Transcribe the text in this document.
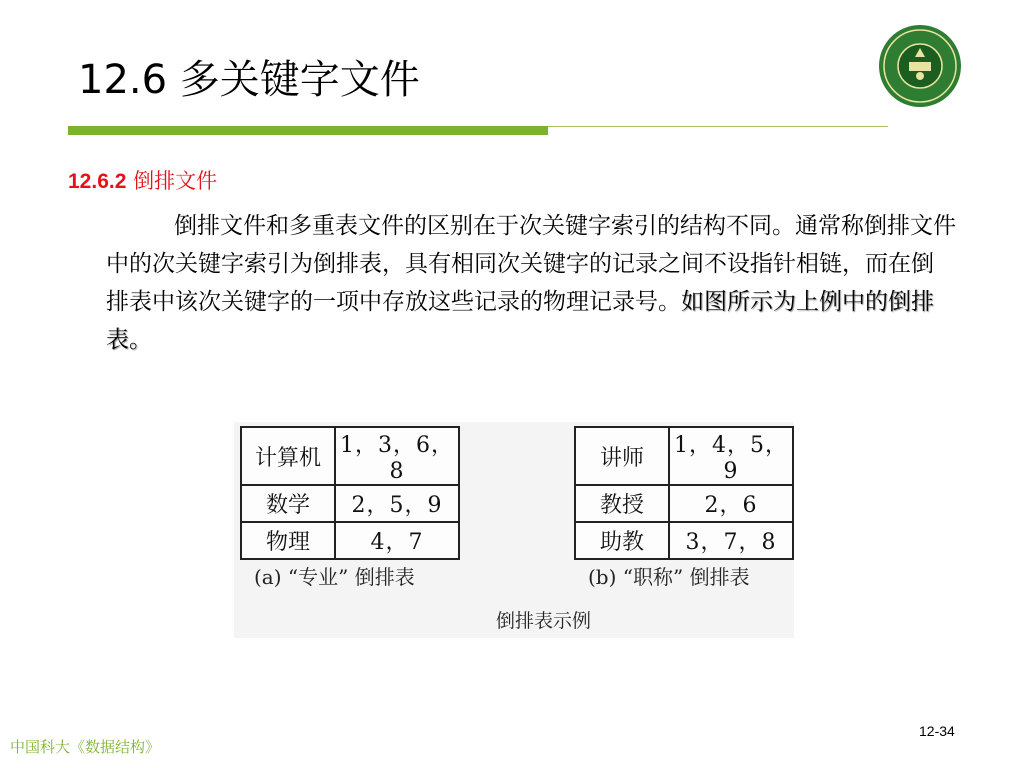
12.6 多关键字文件
12.6.2 倒排文件
倒排文件和多重表文件的区别在于次关键字索引的结构不同。通常称倒排文件中的次关键字索引为倒排表，具有相同次关键字的记录之间不设指针相链，而在倒排表中该次关键字的一项中存放这些记录的物理记录号。如图所示为上例中的倒排表。
计算机	1，3，6，8
数学	2，5，9
物理	4，7
讲师	1，4，5，9
教授	2，6
助教	3，7，8
(a) “专业” 倒排表	(b) “职称” 倒排表
倒排表示例
中国科大《数据结构》
12-34
